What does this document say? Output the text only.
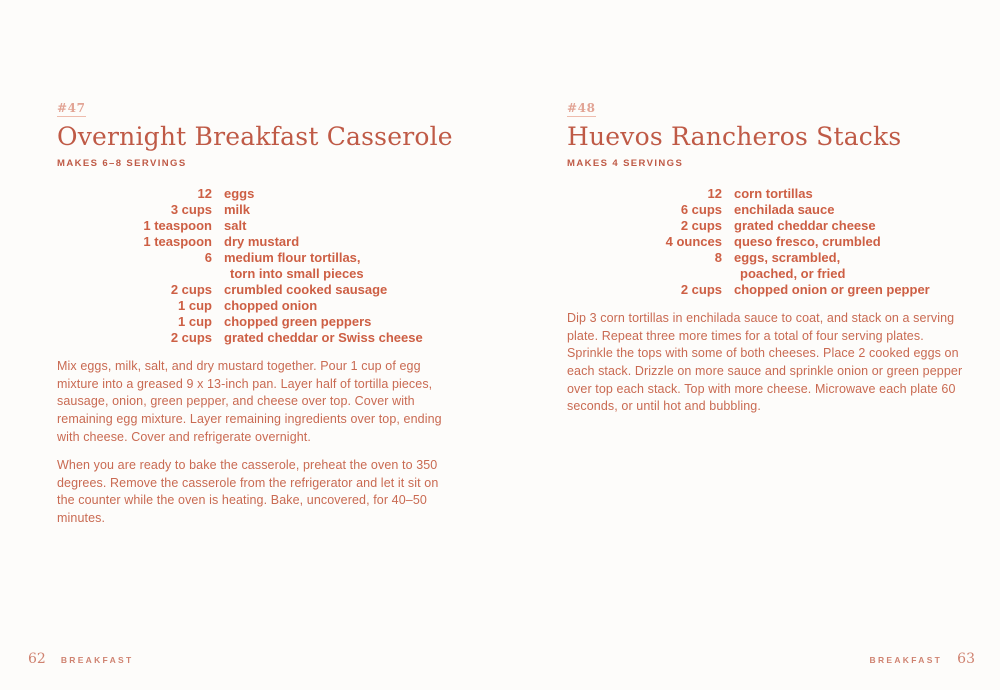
#47
Overnight Breakfast Casserole
MAKES 6–8 SERVINGS
12 eggs
3 cups milk
1 teaspoon salt
1 teaspoon dry mustard
6 medium flour tortillas,
torn into small pieces
2 cups crumbled cooked sausage
1 cup chopped onion
1 cup chopped green peppers
2 cups grated cheddar or Swiss cheese

Mix eggs, milk, salt, and dry mustard together. Pour 1 cup of egg mixture into a greased 9 x 13-inch pan. Layer half of tortilla pieces, sausage, onion, green pepper, and cheese over top. Cover with remaining egg mixture. Layer remaining ingredients over top, ending with cheese. Cover and refrigerate overnight.

When you are ready to bake the casserole, preheat the oven to 350 degrees. Remove the casserole from the refrigerator and let it sit on the counter while the oven is heating. Bake, uncovered, for 40–50 minutes.

#48
Huevos Rancheros Stacks
MAKES 4 SERVINGS
12 corn tortillas
6 cups enchilada sauce
2 cups grated cheddar cheese
4 ounces queso fresco, crumbled
8 eggs, scrambled,
poached, or fried
2 cups chopped onion or green pepper

Dip 3 corn tortillas in enchilada sauce to coat, and stack on a serving plate. Repeat three more times for a total of four serving plates. Sprinkle the tops with some of both cheeses. Place 2 cooked eggs on each stack. Drizzle on more sauce and sprinkle onion or green pepper over top each stack. Top with more cheese. Microwave each plate 60 seconds, or until hot and bubbling.

62 BREAKFAST	BREAKFAST 63
